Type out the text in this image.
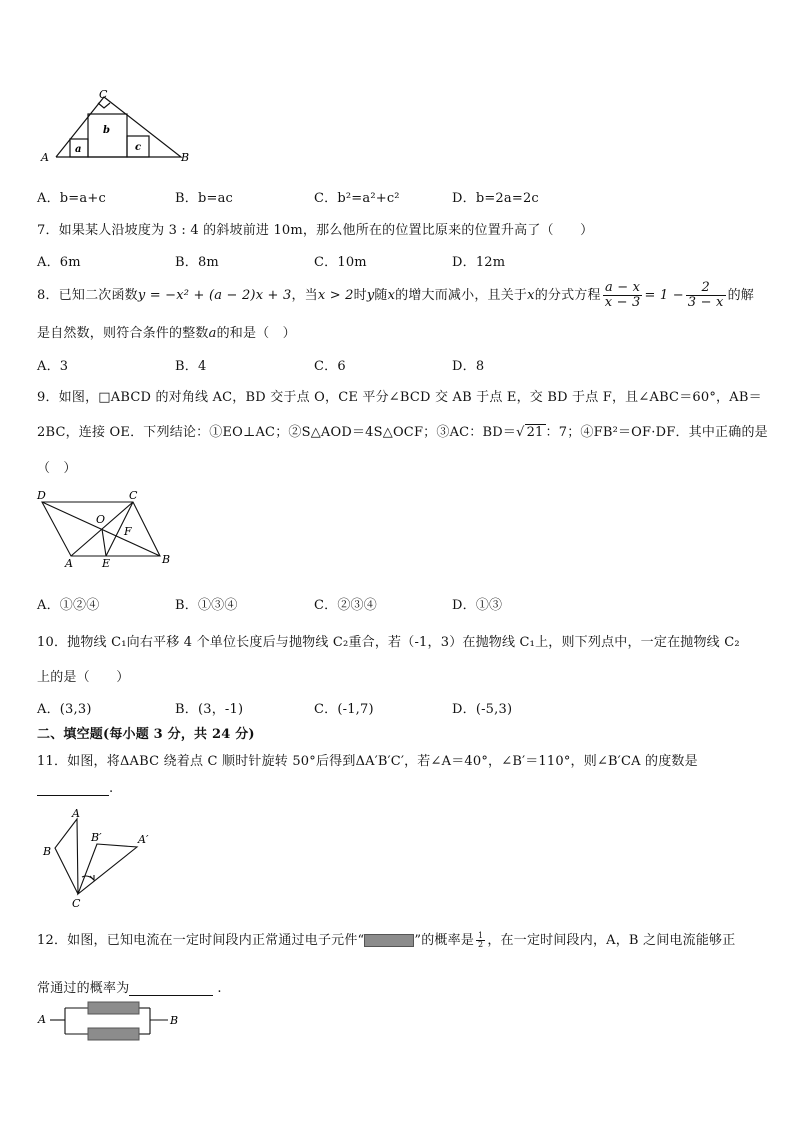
A	B
C
a
b
c
A．b=a+c	B．b=ac	C．b²=a²+c²	D．b=2a=2c
7．如果某人沿坡度为 3 : 4 的斜坡前进 10m，那么他所在的位置比原来的位置升高了（　　）
A．6m	B．8m	C．10m	D．12m
8．已知二次函数y = −x² + (a − 2)x + 3，当x > 2时y随x的增大而减小，且关于x的分式方程 $\frac{a - x}{x - 3} = 1 - \frac{2}{3 - x}$ 的解
是自然数，则符合条件的整数a的和是（　）
A．3	B．4	C．6	D．8
9．如图，□ABCD 的对角线 AC，BD 交于点 O，CE 平分∠BCD 交 AB 于点 E，交 BD 于点 F，且∠ABC＝60°，AB＝
2BC，连接 OE．下列结论：①EO⊥AC；②S△AOD＝4S△OCF；③AC：BD＝√ 21 ：7；④FB²＝OF·DF．其中正确的是
（　）
D	C
O
F
A	E	B
A．①②④	B．①③④	C．②③④	D．①③
10．抛物线 C₁向右平移 4 个单位长度后与抛物线 C₂重合，若（-1，3）在抛物线 C₁上，则下列点中，一定在抛物线 C₂
上的是（　　）
A．(3,3)	B．(3，-1)	C．(-1,7)	D．(-5,3)
二、填空题(每小题 3 分，共 24 分)
11．如图，将ΔABC 绕着点 C 顺时针旋转 50°后得到ΔA′B′C′，若∠A＝40°，∠B′＝110°，则∠B′CA 的度数是
.
A
B
C
B′	A′
12．如图，已知电流在一定时间段内正常通过电子元件“	”的概率是 $\frac{1}{2}$ ，在一定时间段内，A，B 之间电流能够正
常通过的概率为	.
A	B
